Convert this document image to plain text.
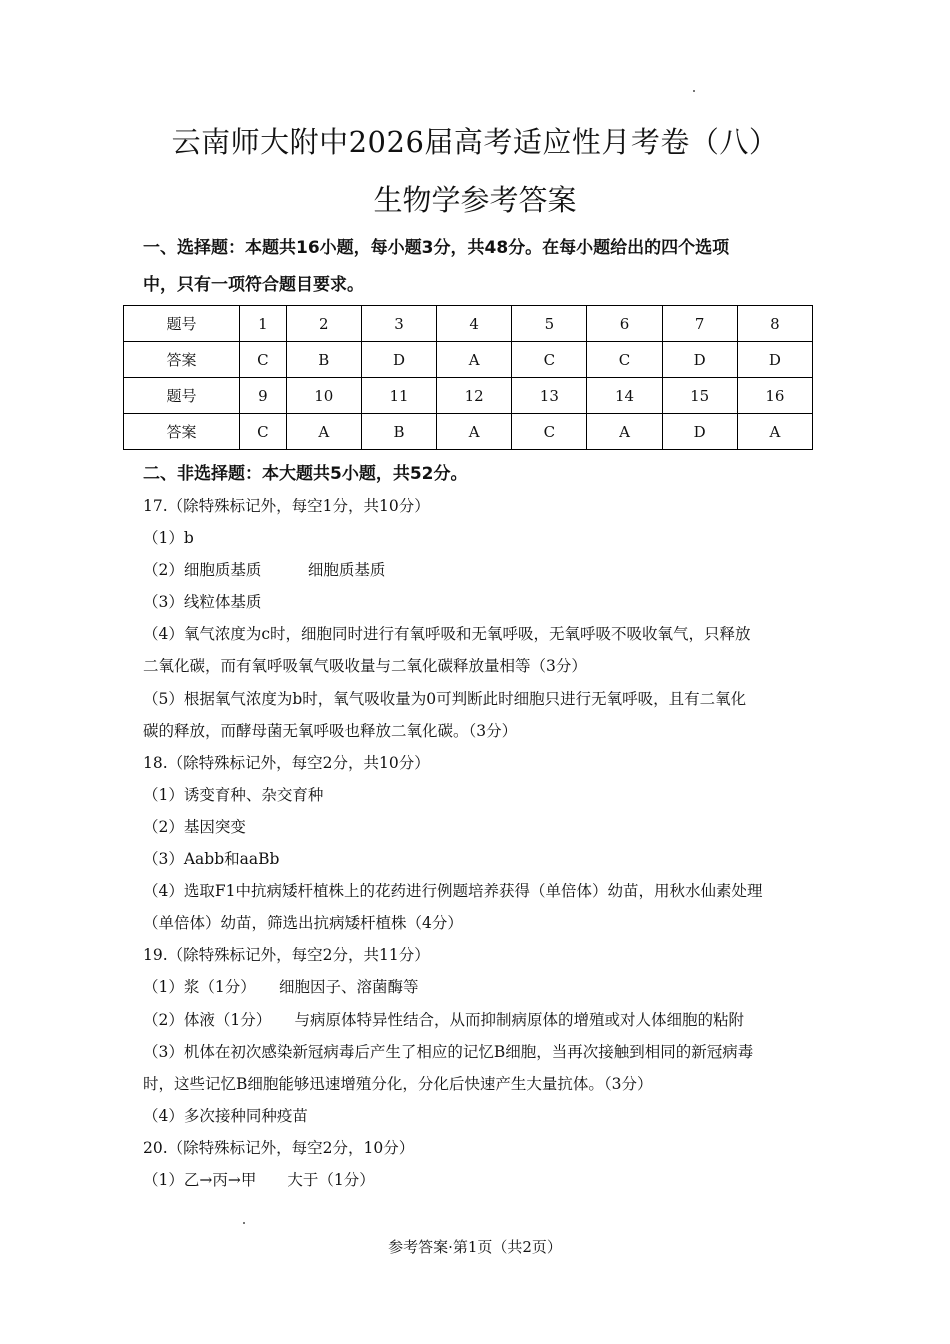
云南师大附中2026届高考适应性月考卷（八）
生物学参考答案
一、选择题：本题共16小题，每小题3分，共48分。在每小题给出的四个选项
中，只有一项符合题目要求。
题号	1	2	3	4	5	6	7	8
答案	C	B	D	A	C	C	D	D
题号	9	10	11	12	13	14	15	16
答案	C	A	B	A	C	A	D	A
二、非选择题：本大题共5小题，共52分。
17.（除特殊标记外，每空1分，共10分）
（1）b
（2）细胞质基质　　　细胞质基质
（3）线粒体基质
（4）氧气浓度为c时，细胞同时进行有氧呼吸和无氧呼吸，无氧呼吸不吸收氧气，只释放
二氧化碳，而有氧呼吸氧气吸收量与二氧化碳释放量相等（3分）
（5）根据氧气浓度为b时，氧气吸收量为0可判断此时细胞只进行无氧呼吸，且有二氧化
碳的释放，而酵母菌无氧呼吸也释放二氧化碳。（3分）
18.（除特殊标记外，每空2分，共10分）
（1）诱变育种、杂交育种
（2）基因突变
（3）Aabb和aaBb
（4）选取F1中抗病矮杆植株上的花药进行例题培养获得（单倍体）幼苗，用秋水仙素处理
（单倍体）幼苗，筛选出抗病矮杆植株（4分）
19.（除特殊标记外，每空2分，共11分）
（1）浆（1分）　　细胞因子、溶菌酶等
（2）体液（1分）　　与病原体特异性结合，从而抑制病原体的增殖或对人体细胞的粘附
（3）机体在初次感染新冠病毒后产生了相应的记忆B细胞，当再次接触到相同的新冠病毒
时，这些记忆B细胞能够迅速增殖分化，分化后快速产生大量抗体。（3分）
（4）多次接种同种疫苗
20.（除特殊标记外，每空2分，10分）
（1）乙→丙→甲　　大于（1分）
参考答案·第1页（共2页）
